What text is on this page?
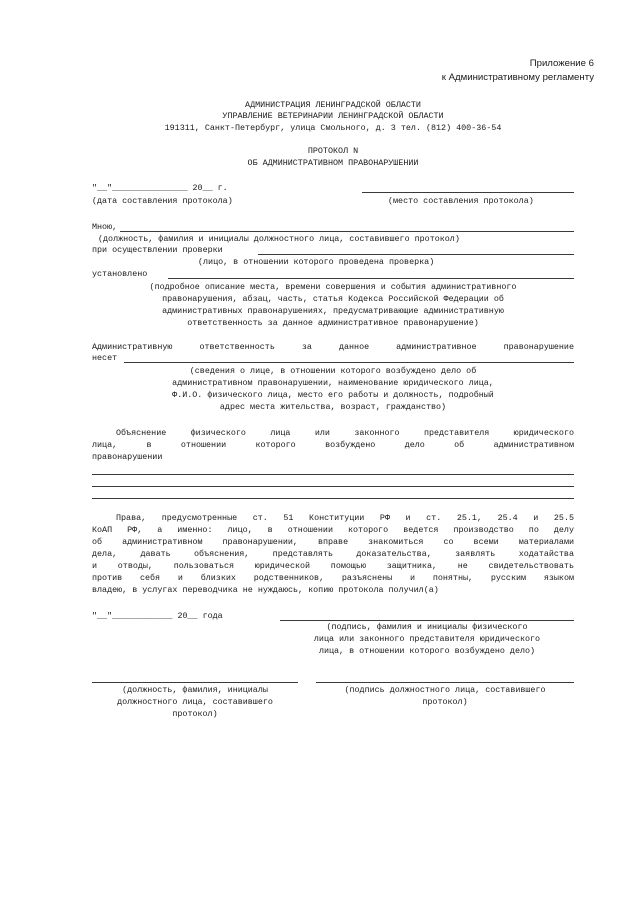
Приложение 6
к Административному регламенту
АДМИНИСТРАЦИЯ ЛЕНИНГРАДСКОЙ ОБЛАСТИ
УПРАВЛЕНИЕ ВЕТЕРИНАРИИ ЛЕНИНГРАДСКОЙ ОБЛАСТИ
191311, Санкт-Петербург, улица Смольного, д. 3 тел. (812) 400-36-54
ПРОТОКОЛ N
ОБ АДМИНИСТРАТИВНОМ ПРАВОНАРУШЕНИИ
"__"_______________ 20__ г.
(дата составления протокола)	(место составления протокола)
Мною,
(должность, фамилия и инициалы должностного лица, составившего протокол)
при осуществлении проверки
(лицо, в отношении которого проведена проверка)
установлено
(подробное описание места, времени совершения и события административного
правонарушения, абзац, часть, статья Кодекса Российской Федерации об
административных правонарушениях, предусматривающие административную
ответственность за данное административное правонарушение)
Административную ответственность за данное административное правонарушение
несет
(сведения о лице, в отношении которого возбуждено дело об
административном правонарушении, наименование юридического лица,
Ф.И.О. физического лица, место его работы и должность, подробный
адрес места жительства, возраст, гражданство)
Объяснение физического лица или законного представителя юридического
лица, в отношении которого возбуждено дело об административном
правонарушении
Права, предусмотренные ст. 51 Конституции РФ и ст. 25.1, 25.4 и 25.5
КоАП РФ, а именно: лицо, в отношении которого ведется производство по делу
об административном правонарушении, вправе знакомиться со всеми материалами
дела, давать объяснения, представлять доказательства, заявлять ходатайства
и отводы, пользоваться юридической помощью защитника, не свидетельствовать
против себя и близких родственников, разъяснены и понятны, русским языком
владею, в услугах переводчика не нуждаюсь, копию протокола получил(а)
"__"____________ 20__ года
(подпись, фамилия и инициалы физического
лица или законного представителя юридического
лица, в отношении которого возбуждено дело)
(должность, фамилия, инициалы
должностного лица, составившего
протокол)
(подпись должностного лица, составившего
протокол)
